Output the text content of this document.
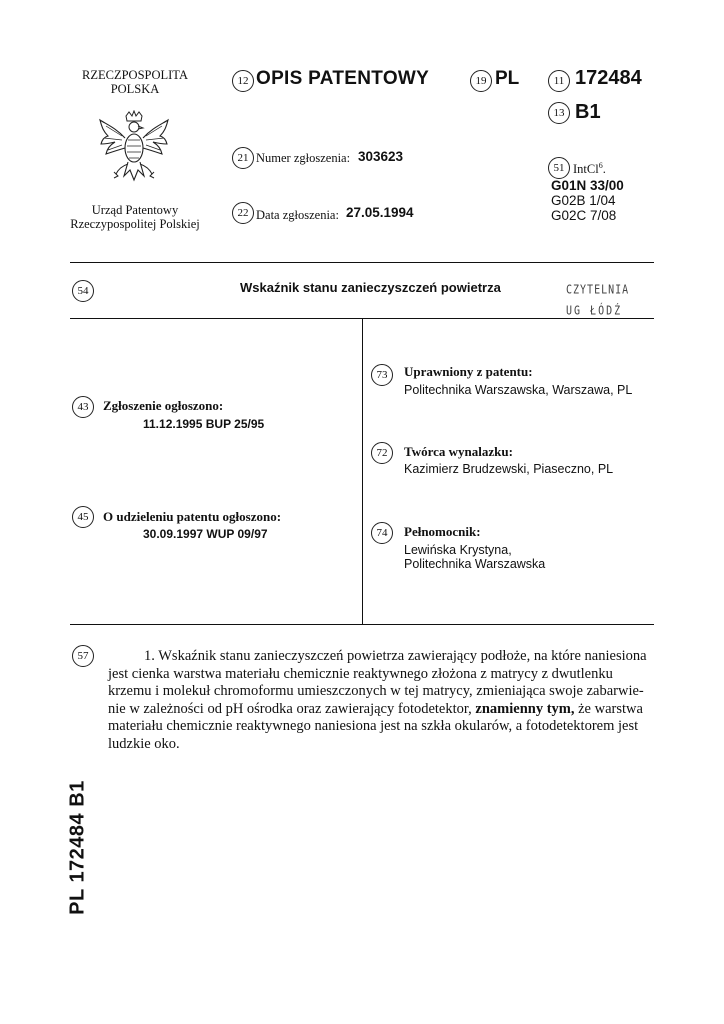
RZECZPOSPOLITA
POLSKA
Urząd Patentowy
Rzeczypospolitej Polskiej
12 OPIS PATENTOWY	19 PL
21 Numer zgłoszenia: 303623
22 Data zgłoszenia: 27.05.1994
11 172484
13 B1
51 IntCl$^6$.
G01N 33/00
G02B 1/04
G02C 7/08
54	Wskaźnik stanu zanieczyszczeń powietrza	CZYTELNIA
UG ŁÓDŹ
43	Zgłoszenie ogłoszono:
11.12.1995 BUP 25/95
45	O udzieleniu patentu ogłoszono:
30.09.1997 WUP 09/97
73	Uprawniony z patentu:
Politechnika Warszawska, Warszawa, PL
72	Twórca wynalazku:
Kazimierz Brudzewski, Piaseczno, PL
74	Pełnomocnik:
Lewińska Krystyna,
Politechnika Warszawska
57	1. Wskaźnik stanu zanieczyszczeń powietrza zawierający podłoże, na które naniesiona
jest cienka warstwa materiału chemicznie reaktywnego złożona z matrycy z dwutlenku
krzemu i molekuł chromoformu umieszczonych w tej matrycy, zmieniająca swoje zabarwie-
nie w zależności od pH ośrodka oraz zawierający fotodetektor, znamienny tym, że warstwa
materiału chemicznie reaktywnego naniesiona jest na szkła okularów, a fotodetektorem jest
ludzkie oko.
PL 172484 B1
